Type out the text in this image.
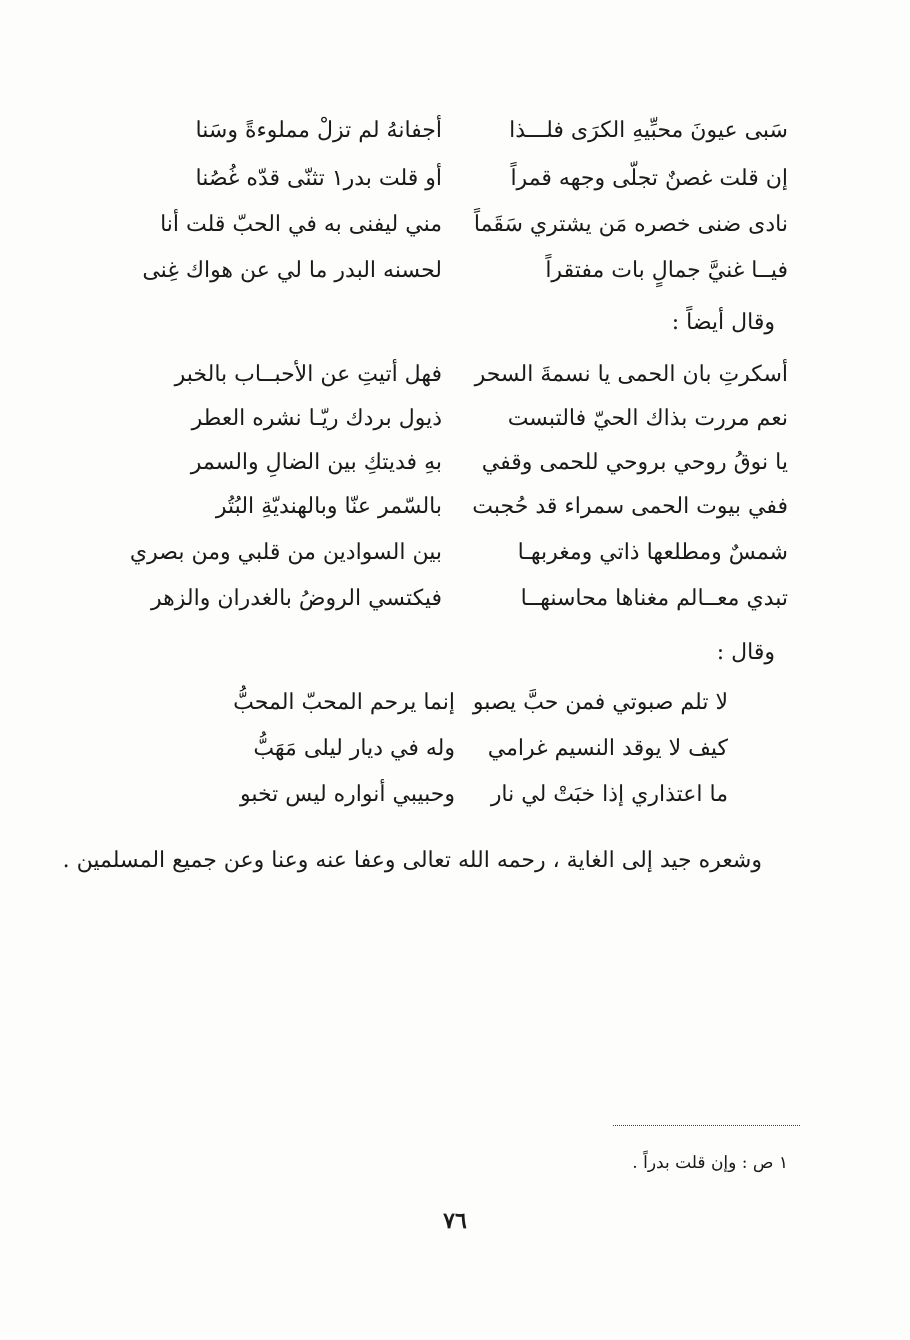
سَبى عيونَ محبِّيهِ الكرَى فلـــذا
أجفانهُ لم تزلْ مملوءةً وسَنا
إن قلت غصنٌ تجلّى وجهه قمراً
أو قلت بدر١ تثنّى قدّه غُصُنا
نادى ضنى خصره مَن يشتري سَقَماً
مني ليفنى به في الحبّ قلت أنا
فيــا غنيَّ جمالٍ بات مفتقراً
لحسنه البدر ما لي عن هواك غِنى
وقال أيضاً :
أسكرتِ بان الحمى يا نسمةَ السحر
فهل أتيتِ عن الأحبــاب بالخبر
نعم مررت بذاك الحيّ فالتبست
ذيول بردك ريّـا نشره العطر
يا نوقُ روحي بروحي للحمى وقفي
بهِ فديتكِ بين الضالِ والسمر
ففي بيوت الحمى سمراء قد حُجبت
بالسّمر عنّا وبالهنديّةِ البُتُر
شمسٌ ومطلعها ذاتي ومغربهـا
بين السوادين من قلبي ومن بصري
تبدي معــالم مغناها محاسنهــا
فيكتسي الروضُ بالغدران والزهر
وقال :
لا تلم صبوتي فمن حبَّ يصبو
إنما يرحم المحبّ المحبُّ
كيف لا يوقد النسيم غرامي
وله في ديار ليلى مَهَبُّ
ما اعتذاري إذا خبَتْ لي نار
وحبيبي أنواره ليس تخبو
وشعره جيد إلى الغاية ، رحمه الله تعالى وعفا عنه وعنا وعن جميع المسلمين .
١ ص : وإن قلت بدراً .
٧٦
